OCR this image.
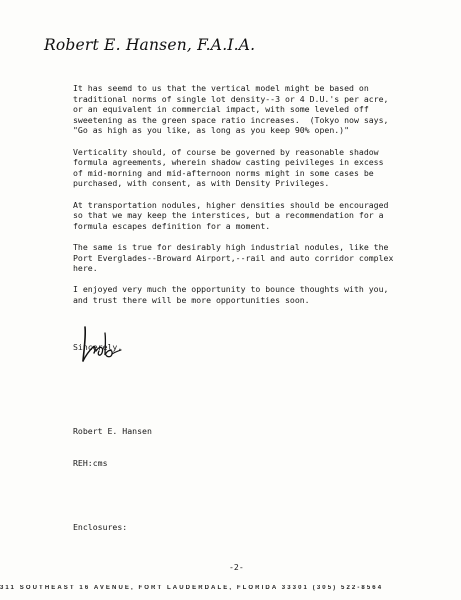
Robert E. Hansen, F.A.I.A.

It has seemd to us that the vertical model might be based on
traditional norms of single lot density--3 or 4 D.U.'s per acre,
or an equivalent in commercial impact, with some leveled off
sweetening as the green space ratio increases.  (Tokyo now says,
"Go as high as you like, as long as you keep 90% open.)"

Verticality should, of course be governed by reasonable shadow
formula agreements, wherein shadow casting peivileges in excess
of mid-morning and mid-afternoon norms might in some cases be
purchased, with consent, as with Density Privileges.

At transportation nodules, higher densities should be encouraged
so that we may keep the interstices, but a recommendation for a
formula escapes definition for a moment.

The same is true for desirably high industrial nodules, like the
Port Everglades--Broward Airport,--rail and auto corridor complex
here.

I enjoyed very much the opportunity to bounce thoughts with you,
and trust there will be more opportunities soon.

Sincerely,

Robert E. Hansen

REH:cms

Enclosures:

-2-
311 SOUTHEAST 16 AVENUE, FORT LAUDERDALE, FLORIDA 33301 (305) 522-8564
